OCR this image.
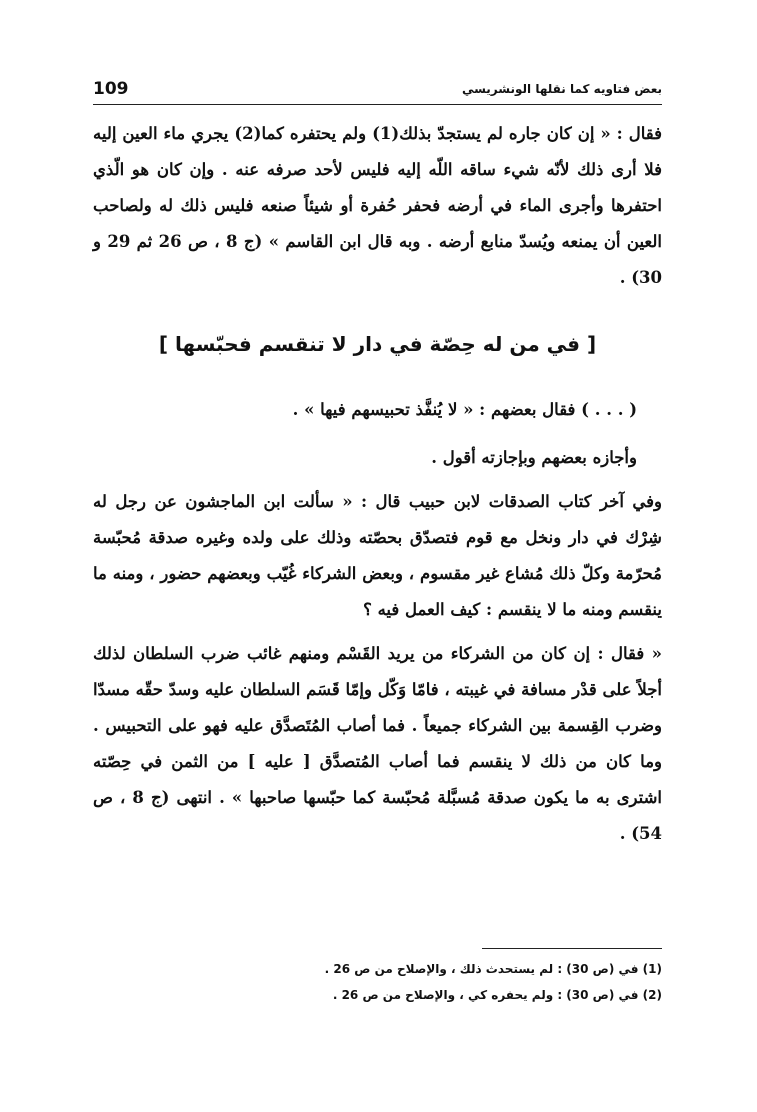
109	بعض فتاويه كما نقلها الونشريسي
فقال : « إن كان جاره لم يستجدّ بذلك(1) ولم يحتفره كما(2) يجري ماء العين إليه فلا أرى ذلك لأنّه شيء ساقه اللّه إليه فليس لأحد صرفه عنه . وإن كان هو الّذي احتفرها وأجرى الماء في أرضه فحفر حُفرة أو شيئاً صنعه فليس ذلك له ولصاحب العين أن يمنعه ويُسدّ منابع أرضه . وبه قال ابن القاسم » (ج 8 ، ص 26 ثم 29 و 30) .
[ في من له حِصّة في دار لا تنقسم فحبّسها ]
( . . . ) فقال بعضهم : « لا يُنفَّذ تحبيسهم فيها » .
وأجازه بعضهم وبإجازته أقول .
وفي آخر كتاب الصدقات لابن حبيب قال : « سألت ابن الماجشون عن رجل له شِرْك في دار ونخل مع قوم فتصدّق بحصّته وذلك على ولده وغيره صدقة مُحبّسة مُحرّمة وكلّ ذلك مُشاع غير مقسوم ، وبعض الشركاء غُيّب وبعضهم حضور ، ومنه ما ينقسم ومنه ما لا ينقسم : كيف العمل فيه ؟
« فقال : إن كان من الشركاء من يريد القَسْم ومنهم غائب ضرب السلطان لذلك أجلاً على قدْر مسافة في غيبته ، فامّا وَكّل وإمّا قَسَم السلطان عليه وسدّ حقّه مسدّا وضرب القِسمة بين الشركاء جميعاً . فما أصاب المُتَصدَّق عليه فهو على التحبيس . وما كان من ذلك لا ينقسم فما أصاب المُتصدَّق [ عليه ] من الثمن في حِصّته اشترى به ما يكون صدقة مُسبَّلة مُحبّسة كما حبّسها صاحبها » . انتهى (ج 8 ، ص 54) .
(1) في (ص 30) : لم يستحدث ذلك ، والإصلاح من ص 26 .
(2) في (ص 30) : ولم يحفره كي ، والإصلاح من ص 26 .
